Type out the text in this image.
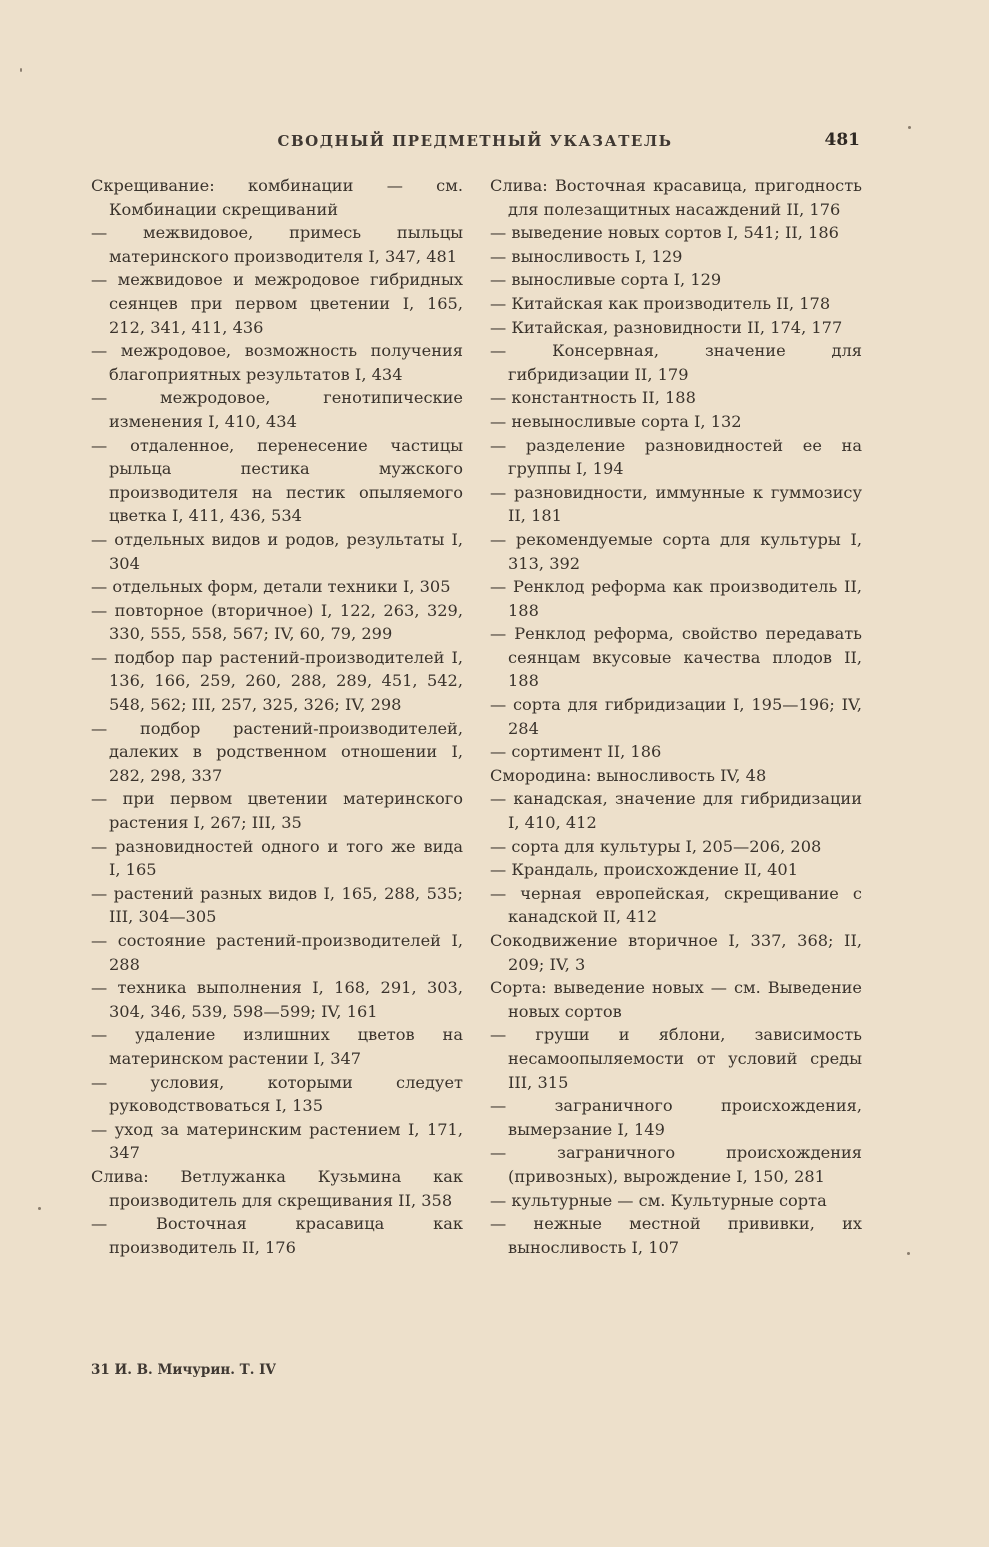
СВОДНЫЙ ПРЕДМЕТНЫЙ УКАЗАТЕЛЬ	481

Скрещивание: комбинации — см. Комбинации скрещиваний

— межвидовое, примесь пыльцы материнского производителя I, 347, 481

— межвидовое и межродовое гибридных сеянцев при первом цветении I, 165, 212, 341, 411, 436

— межродовое, возможность получения благоприятных результатов I, 434

— межродовое, генотипические изменения I, 410, 434

— отдаленное, перенесение частицы рыльца пестика мужского производителя на пестик опыляемого цветка I, 411, 436, 534

— отдельных видов и родов, результаты I, 304

— отдельных форм, детали техники I, 305

— повторное (вторичное) I, 122, 263, 329, 330, 555, 558, 567; IV, 60, 79, 299

— подбор пар растений-производителей I, 136, 166, 259, 260, 288, 289, 451, 542, 548, 562; III, 257, 325, 326; IV, 298

— подбор растений-производителей, далеких в родственном отношении I, 282, 298, 337

— при первом цветении материнского растения I, 267; III, 35

— разновидностей одного и того же вида I, 165

— растений разных видов I, 165, 288, 535; III, 304—305

— состояние растений-производителей I, 288

— техника выполнения I, 168, 291, 303, 304, 346, 539, 598—599; IV, 161

— удаление излишних цветов на материнском растении I, 347

— условия, которыми следует руководствоваться I, 135

— уход за материнским растением I, 171, 347

Слива: Ветлужанка Кузьмина как производитель для скрещивания II, 358

— Восточная красавица как производитель II, 176

Слива: Восточная красавица, пригодность для полезащитных насаждений II, 176

— выведение новых сортов I, 541; II, 186

— выносливость I, 129

— выносливые сорта I, 129

— Китайская как производитель II, 178

— Китайская, разновидности II, 174, 177

— Консервная, значение для гибридизации II, 179

— константность II, 188

— невыносливые сорта I, 132

— разделение разновидностей ее на группы I, 194

— разновидности, иммунные к гуммозису II, 181

— рекомендуемые сорта для культуры I, 313, 392

— Ренклод реформа как производитель II, 188

— Ренклод реформа, свойство передавать сеянцам вкусовые качества плодов II, 188

— сорта для гибридизации I, 195—196; IV, 284

— сортимент II, 186

Смородина: выносливость IV, 48

— канадская, значение для гибридизации I, 410, 412

— сорта для культуры I, 205—206, 208

— Крандаль, происхождение II, 401

— черная европейская, скрещивание с канадской II, 412

Сокодвижение вторичное I, 337, 368; II, 209; IV, 3

Сорта: выведение новых — см. Выведение новых сортов

— груши и яблони, зависимость несамоопыляемости от условий среды III, 315

— заграничного происхождения, вымерзание I, 149

— заграничного происхождения (привозных), вырождение I, 150, 281

— культурные — см. Культурные сорта

— нежные местной прививки, их выносливость I, 107

31 И. В. Мичурин. Т. IV
